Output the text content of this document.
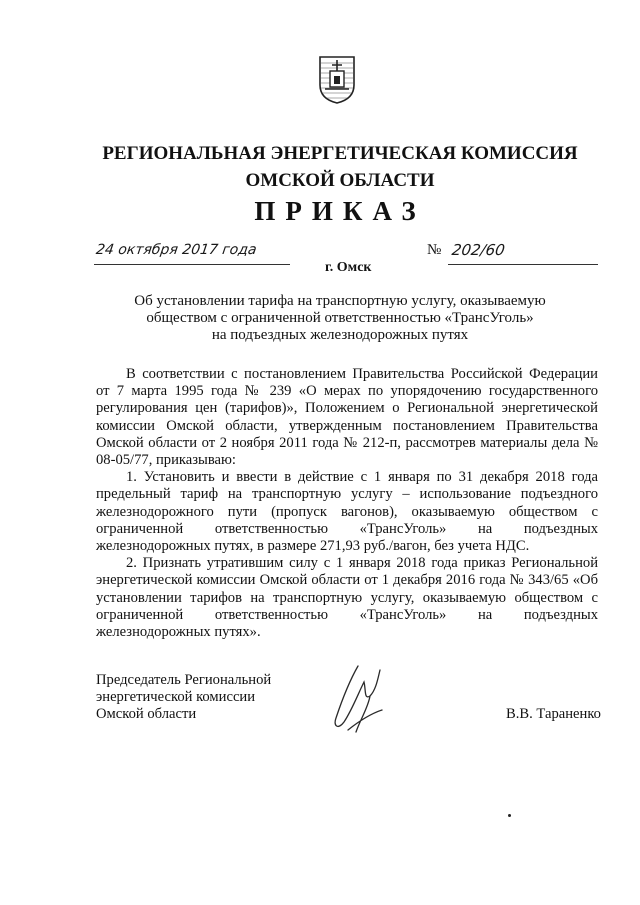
РЕГИОНАЛЬНАЯ ЭНЕРГЕТИЧЕСКАЯ КОМИССИЯ
ОМСКОЙ ОБЛАСТИ
ПРИКАЗ
24 октября 2017 года	№ 202/60
г. Омск
Об установлении тарифа на транспортную услугу, оказываемую
обществом с ограниченной ответственностью «ТрансУголь»
на подъездных железнодорожных путях

В соответствии с постановлением Правительства Российской Федерации от 7 марта 1995 года № 239 «О мерах по упорядочению государственного регулирования цен (тарифов)», Положением о Региональной энергетической комиссии Омской области, утвержденным постановлением Правительства Омской области от 2 ноября 2011 года № 212-п, рассмотрев материалы дела № 08-05/77, приказываю:

1. Установить и ввести в действие с 1 января по 31 декабря 2018 года предельный тариф на транспортную услугу – использование подъездного железнодорожного пути (пропуск вагонов), оказываемую обществом с ограниченной ответственностью «ТрансУголь» на подъездных железнодорожных путях, в размере 271,93 руб./вагон, без учета НДС.

2. Признать утратившим силу с 1 января 2018 года приказ Региональной энергетической комиссии Омской области от 1 декабря 2016 года № 343/65 «Об установлении тарифов на транспортную услугу, оказываемую обществом с ограниченной ответственностью «ТрансУголь» на подъездных железнодорожных путях».

Председатель Региональной
энергетической комиссии
Омской области	В.В. Тараненко
